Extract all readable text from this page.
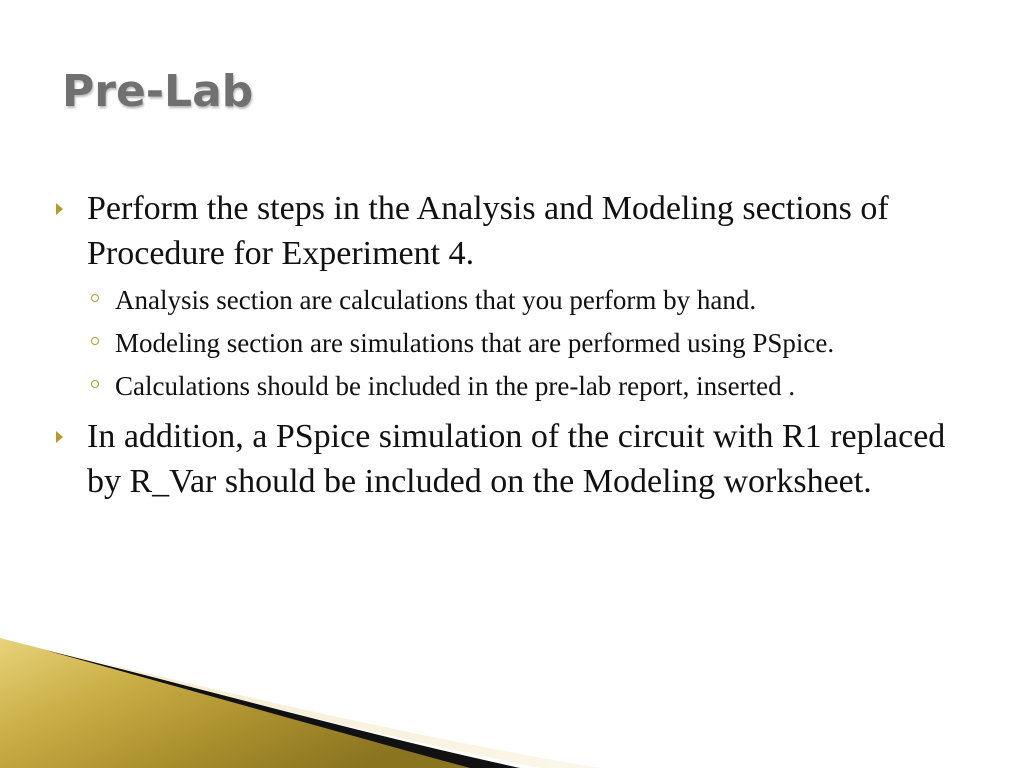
Pre-Lab
Perform the steps in the Analysis and Modeling sections of Procedure for Experiment 4.
Analysis section are calculations that you perform by hand.
Modeling section are simulations that are performed using PSpice.
Calculations should be included in the pre-lab report, inserted .
In addition, a PSpice simulation of the circuit with R1 replaced by R_Var should be included on the Modeling worksheet.
